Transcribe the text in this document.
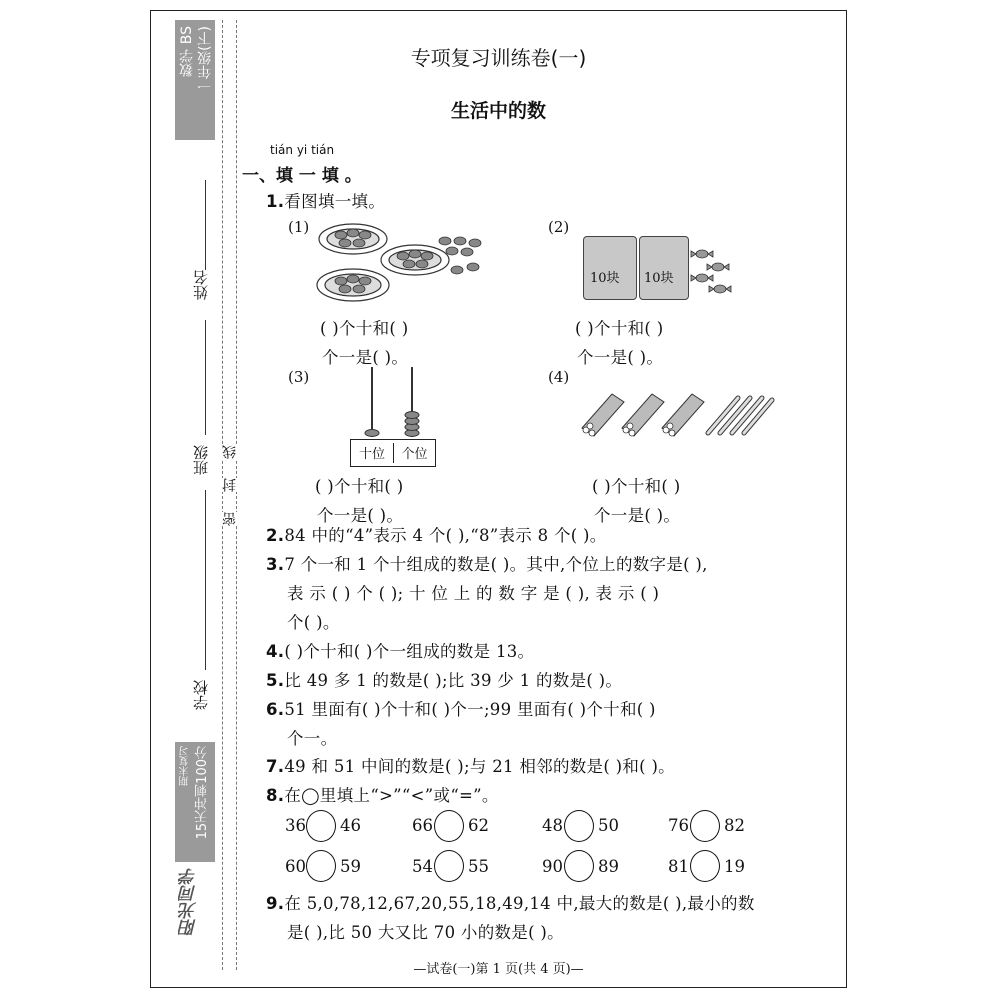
数学 BS 一年级(下)
姓名
班级 线
封
密
学校
期末复习 15天冲刺100分
阳光同学
专项复习训练卷(一)
生活中的数
tián yi tián
一、填 一 填 。
1.看图填一填。
(1)
( )个十和( )
个一是( )。
(2)
10块 10块
( )个十和( )
个一是( )。
(3)
十位	个位
( )个十和( )
个一是( )。
(4)
( )个十和( )
个一是( )。
2.84 中的“4”表示 4 个( ),“8”表示 8 个( )。
3.7 个一和 1 个十组成的数是( )。其中,个位上的数字是( ),
表 示 ( ) 个 ( ); 十 位 上 的 数 字 是 ( ), 表 示 ( )
个( )。
4.( )个十和( )个一组成的数是 13。
5.比 49 多 1 的数是( );比 39 少 1 的数是( )。
6.51 里面有( )个十和( )个一;99 里面有( )个十和( )
个一。
7.49 和 51 中间的数是( );与 21 相邻的数是( )和( )。
8.在◯里填上“>”“<”或“=”。
36 46	66 62	48 50	76 82
60 59	54 55	90 89	81 19
9.在 5,0,78,12,67,20,55,18,49,14 中,最大的数是( ),最小的数
是( ),比 50 大又比 70 小的数是( )。
—试卷(一)第 1 页(共 4 页)—
